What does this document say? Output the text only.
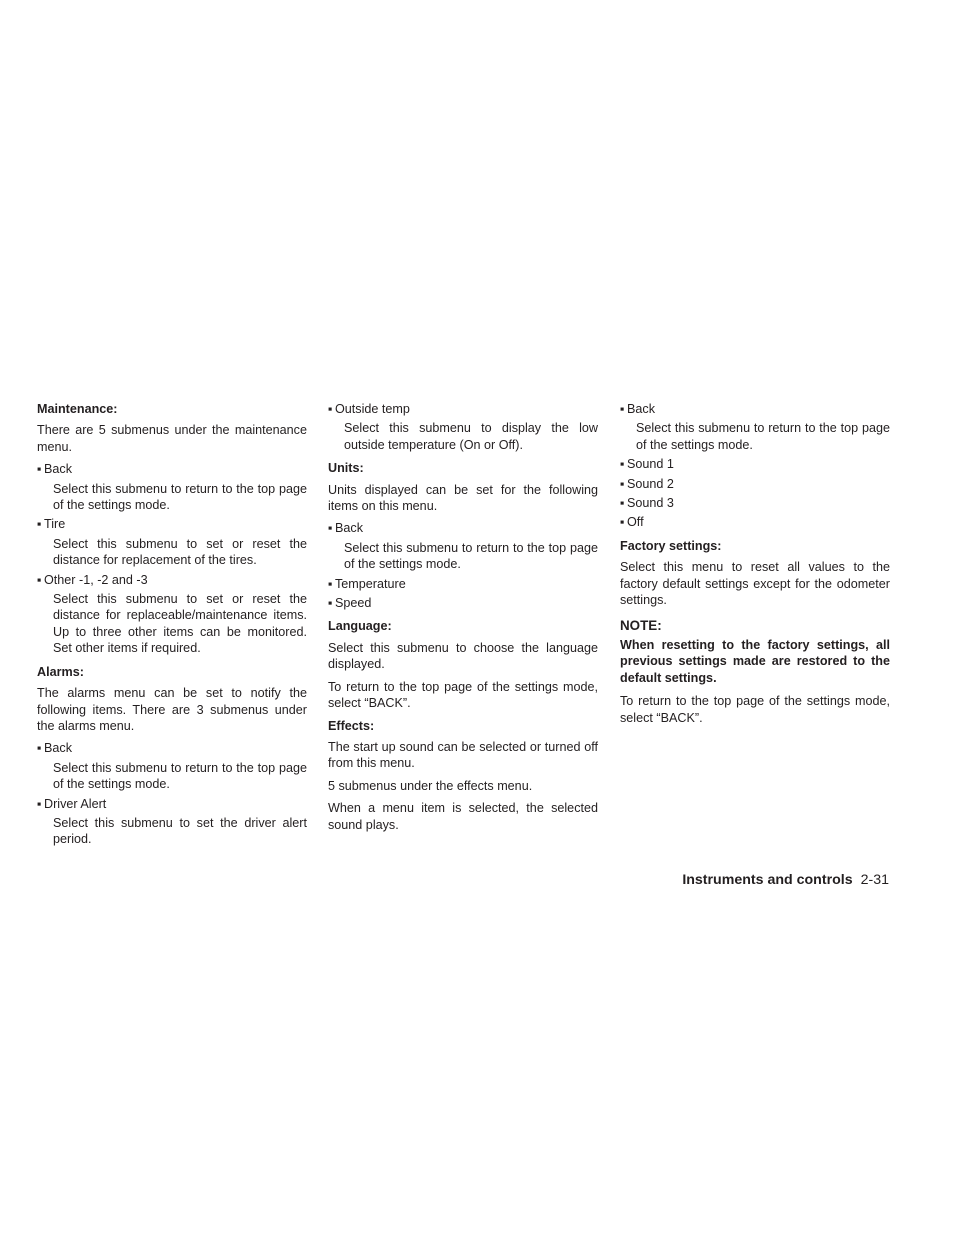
Maintenance:
There are 5 submenus under the maintenance menu.
▪ Back
Select this submenu to return to the top page of the settings mode.
▪ Tire
Select this submenu to set or reset the distance for replacement of the tires.
▪ Other -1, -2 and -3
Select this submenu to set or reset the distance for replaceable/maintenance items. Up to three other items can be monitored. Set other items if required.
Alarms:
The alarms menu can be set to notify the following items. There are 3 submenus under the alarms menu.
▪ Back
Select this submenu to return to the top page of the settings mode.
▪ Driver Alert
Select this submenu to set the driver alert period.
▪ Outside temp
Select this submenu to display the low outside temperature (On or Off).
Units:
Units displayed can be set for the following items on this menu.
▪ Back
Select this submenu to return to the top page of the settings mode.
▪ Temperature
▪ Speed
Language:
Select this submenu to choose the language displayed.
To return to the top page of the settings mode, select “BACK”.
Effects:
The start up sound can be selected or turned off from this menu.
5 submenus under the effects menu.
When a menu item is selected, the selected sound plays.
▪ Back
Select this submenu to return to the top page of the settings mode.
▪ Sound 1
▪ Sound 2
▪ Sound 3
▪ Off
Factory settings:
Select this menu to reset all values to the factory default settings except for the odometer settings.
NOTE:
When resetting to the factory settings, all previous settings made are restored to the default settings.
To return to the top page of the settings mode, select “BACK”.
Instruments and controls 2-31
